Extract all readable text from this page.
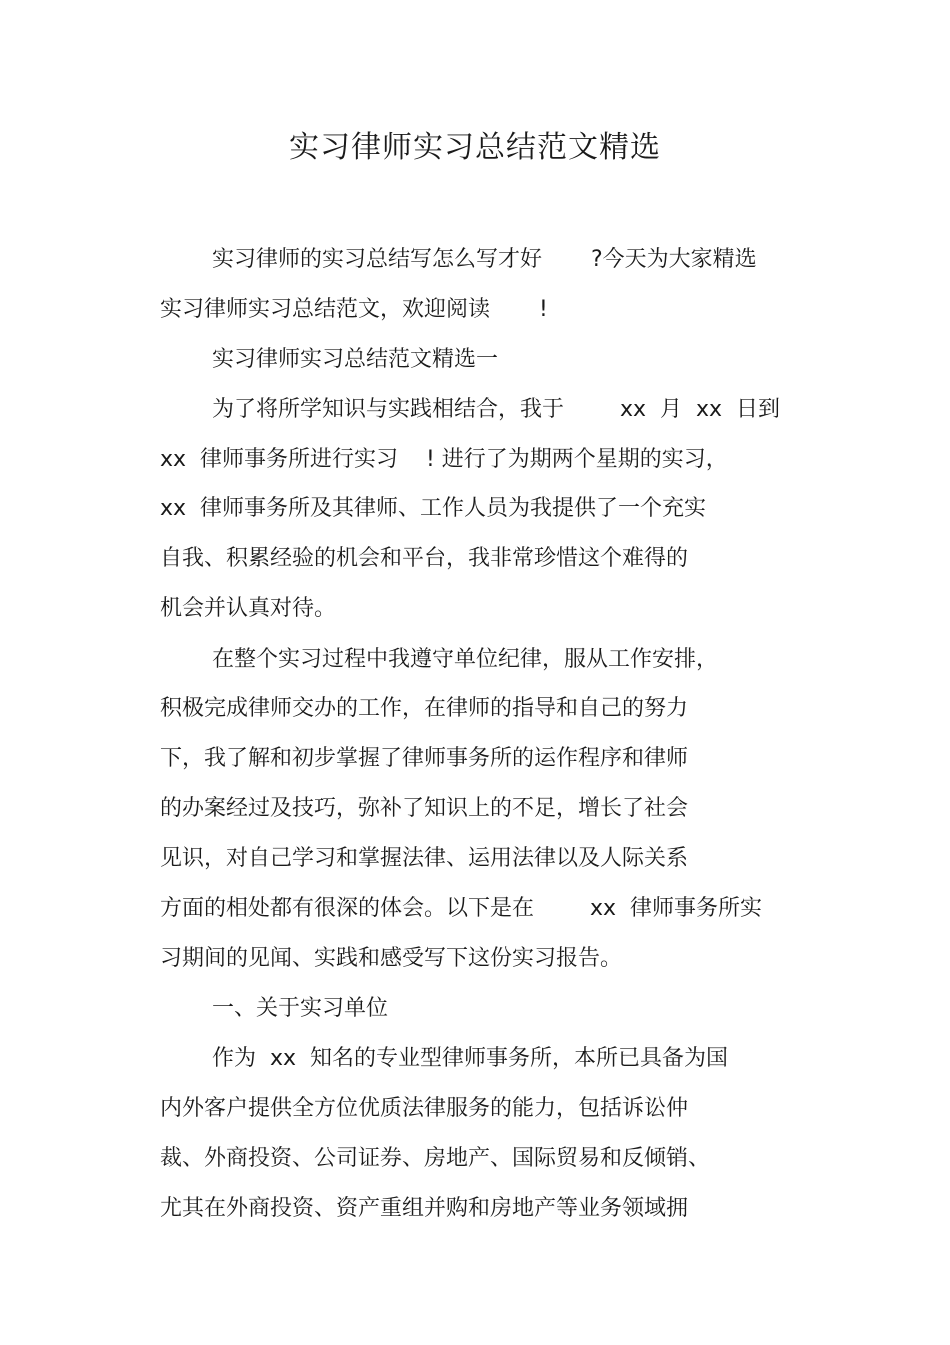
实习律师实习总结范文精选
实习律师的实习总结写怎么写才好       ?今天为大家精选
实习律师实习总结范文，欢迎阅读       !
实习律师实习总结范文精选一
为了将所学知识与实践相结合，我于        xx  月  xx  日到
xx  律师事务所进行实习    ! 进行了为期两个星期的实习，
xx  律师事务所及其律师、工作人员为我提供了一个充实
自我、积累经验的机会和平台，我非常珍惜这个难得的
机会并认真对待。
在整个实习过程中我遵守单位纪律，服从工作安排，
积极完成律师交办的工作，在律师的指导和自己的努力
下，我了解和初步掌握了律师事务所的运作程序和律师
的办案经过及技巧，弥补了知识上的不足，增长了社会
见识，对自己学习和掌握法律、运用法律以及人际关系
方面的相处都有很深的体会。以下是在        xx  律师事务所实
习期间的见闻、实践和感受写下这份实习报告。
一、关于实习单位
作为  xx  知名的专业型律师事务所，本所已具备为国
内外客户提供全方位优质法律服务的能力，包括诉讼仲
裁、外商投资、公司证券、房地产、国际贸易和反倾销、
尤其在外商投资、资产重组并购和房地产等业务领域拥
